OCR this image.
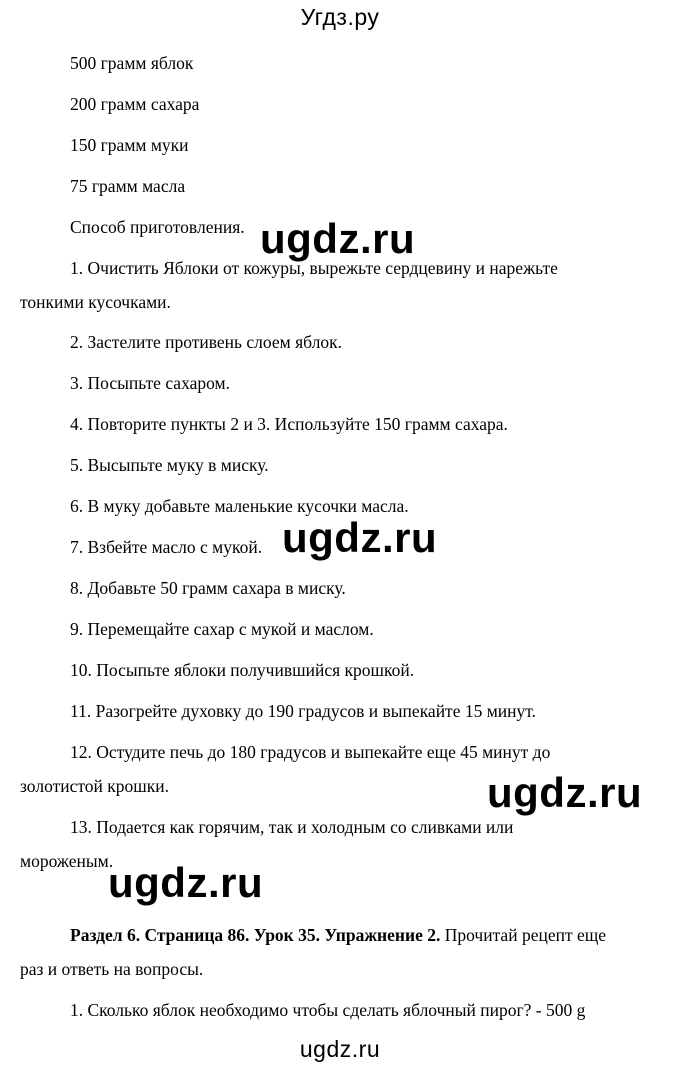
Угдз.ру
500 грамм яблок
200 грамм сахара
150 грамм муки
75 грамм масла
Способ приготовления.
1. Очистить Яблоки от кожуры, вырежьте сердцевину и нарежьте
тонкими кусочками.
2. Застелите противень слоем яблок.
3. Посыпьте сахаром.
4. Повторите пункты 2 и 3. Используйте 150 грамм сахара.
5. Высыпьте муку в миску.
6. В муку добавьте маленькие кусочки масла.
7. Взбейте масло с мукой.
8. Добавьте 50 грамм сахара в миску.
9. Перемещайте сахар с мукой и маслом.
10. Посыпьте яблоки получившийся крошкой.
11. Разогрейте духовку до 190 градусов и выпекайте 15 минут.
12. Остудите печь до 180 градусов и выпекайте еще 45 минут до
золотистой крошки.
13. Подается как горячим, так и холодным со сливками или
мороженым.
Раздел 6. Страница 86. Урок 35. Упражнение 2. Прочитай рецепт еще
раз и ответь на вопросы.
1. Сколько яблок необходимо чтобы сделать яблочный пирог? - 500 g
ugdz.ru
ugdz.ru
ugdz.ru
ugdz.ru
ugdz.ru
